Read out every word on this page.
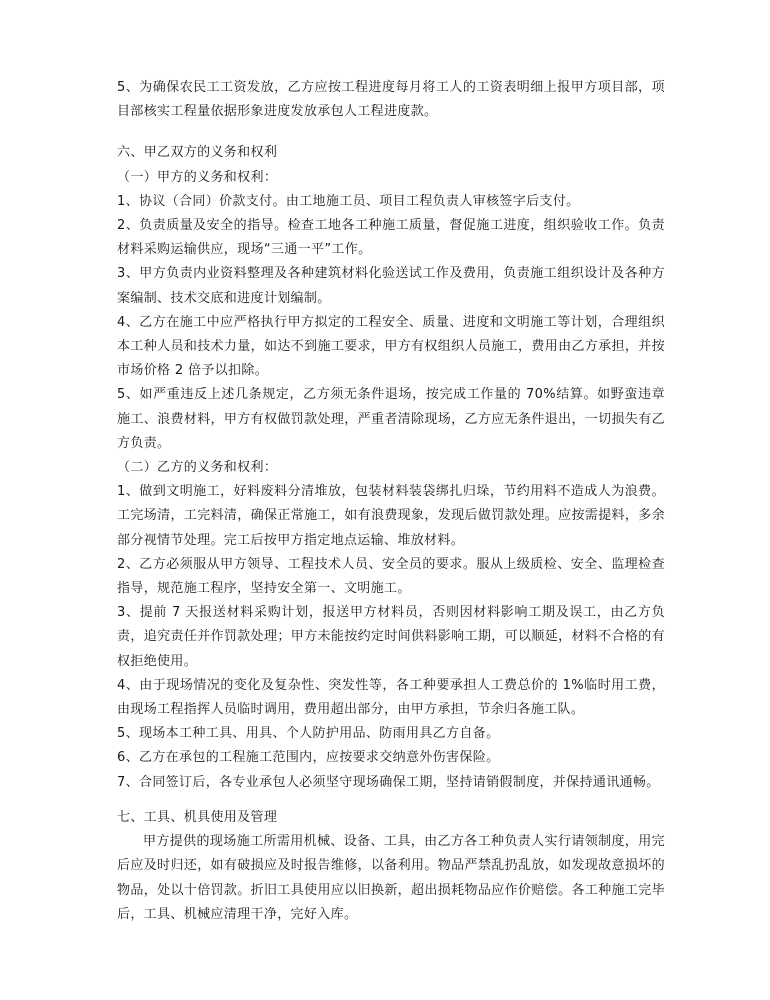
5、为确保农民工工资发放，乙方应按工程进度每月将工人的工资表明细上报甲方项目部，项目部核实工程量依据形象进度发放承包人工程进度款。

六、甲乙双方的义务和权利

（一）甲方的义务和权利：

1、协议（合同）价款支付。由工地施工员、项目工程负责人审核签字后支付。

2、负责质量及安全的指导。检查工地各工种施工质量，督促施工进度，组织验收工作。负责材料采购运输供应，现场“三通一平”工作。

3、甲方负责内业资料整理及各种建筑材料化验送试工作及费用，负责施工组织设计及各种方案编制、技术交底和进度计划编制。

4、乙方在施工中应严格执行甲方拟定的工程安全、质量、进度和文明施工等计划，合理组织本工种人员和技术力量，如达不到施工要求，甲方有权组织人员施工，费用由乙方承担，并按市场价格 2 倍予以扣除。

5、如严重违反上述几条规定，乙方须无条件退场，按完成工作量的 70%结算。如野蛮违章施工、浪费材料，甲方有权做罚款处理，严重者清除现场，乙方应无条件退出，一切损失有乙方负责。

（二）乙方的义务和权利：

1、做到文明施工，好料废料分清堆放，包装材料装袋绑扎归垛，节约用料不造成人为浪费。工完场清，工完料清，确保正常施工，如有浪费现象，发现后做罚款处理。应按需提料，多余部分视情节处理。完工后按甲方指定地点运输、堆放材料。

2、乙方必须服从甲方领导、工程技术人员、安全员的要求。服从上级质检、安全、监理检查指导，规范施工程序，坚持安全第一、文明施工。

3、提前 7 天报送材料采购计划，报送甲方材料员，否则因材料影响工期及误工，由乙方负责，追究责任并作罚款处理；甲方未能按约定时间供料影响工期，可以顺延，材料不合格的有权拒绝使用。

4、由于现场情况的变化及复杂性、突发性等，各工种要承担人工费总价的 1%临时用工费，由现场工程指挥人员临时调用，费用超出部分，由甲方承担，节余归各施工队。

5、现场本工种工具、用具、个人防护用品、防雨用具乙方自备。

6、乙方在承包的工程施工范围内，应按要求交纳意外伤害保险。

7、合同签订后，各专业承包人必须坚守现场确保工期，坚持请销假制度，并保持通讯通畅。

七、工具、机具使用及管理

甲方提供的现场施工所需用机械、设备、工具，由乙方各工种负责人实行请领制度，用完后应及时归还，如有破损应及时报告维修，以备利用。物品严禁乱扔乱放，如发现故意损坏的物品，处以十倍罚款。折旧工具使用应以旧换新，超出损耗物品应作价赔偿。各工种施工完毕后，工具、机械应清理干净，完好入库。
